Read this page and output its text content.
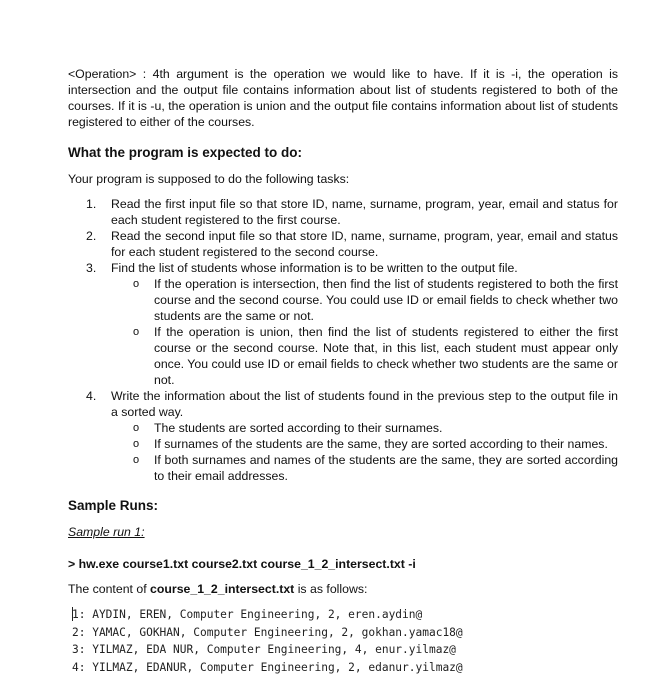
<Operation> : 4th argument is the operation we would like to have. If it is -i, the operation is intersection and the output file contains information about list of students registered to both of the courses. If it is -u, the operation is union and the output file contains information about list of students registered to either of the courses.
What the program is expected to do:
Your program is supposed to do the following tasks:
1. Read the first input file so that store ID, name, surname, program, year, email and status for each student registered to the first course.
2. Read the second input file so that store ID, name, surname, program, year, email and status for each student registered to the second course.
3. Find the list of students whose information is to be written to the output file.
o If the operation is intersection, then find the list of students registered to both the first course and the second course. You could use ID or email fields to check whether two students are the same or not.
o If the operation is union, then find the list of students registered to either the first course or the second course. Note that, in this list, each student must appear only once. You could use ID or email fields to check whether two students are the same or not.
4. Write the information about the list of students found in the previous step to the output file in a sorted way.
o The students are sorted according to their surnames.
o If surnames of the students are the same, they are sorted according to their names.
o If both surnames and names of the students are the same, they are sorted according to their email addresses.
Sample Runs:
Sample run 1:
> hw.exe course1.txt course2.txt course_1_2_intersect.txt -i
The content of course_1_2_intersect.txt is as follows:
1: AYDIN, EREN, Computer Engineering, 2, eren.aydin@
2: YAMAC, GOKHAN, Computer Engineering, 2, gokhan.yamac18@
3: YILMAZ, EDA NUR, Computer Engineering, 4, enur.yilmaz@
4: YILMAZ, EDANUR, Computer Engineering, 2, edanur.yilmaz@
